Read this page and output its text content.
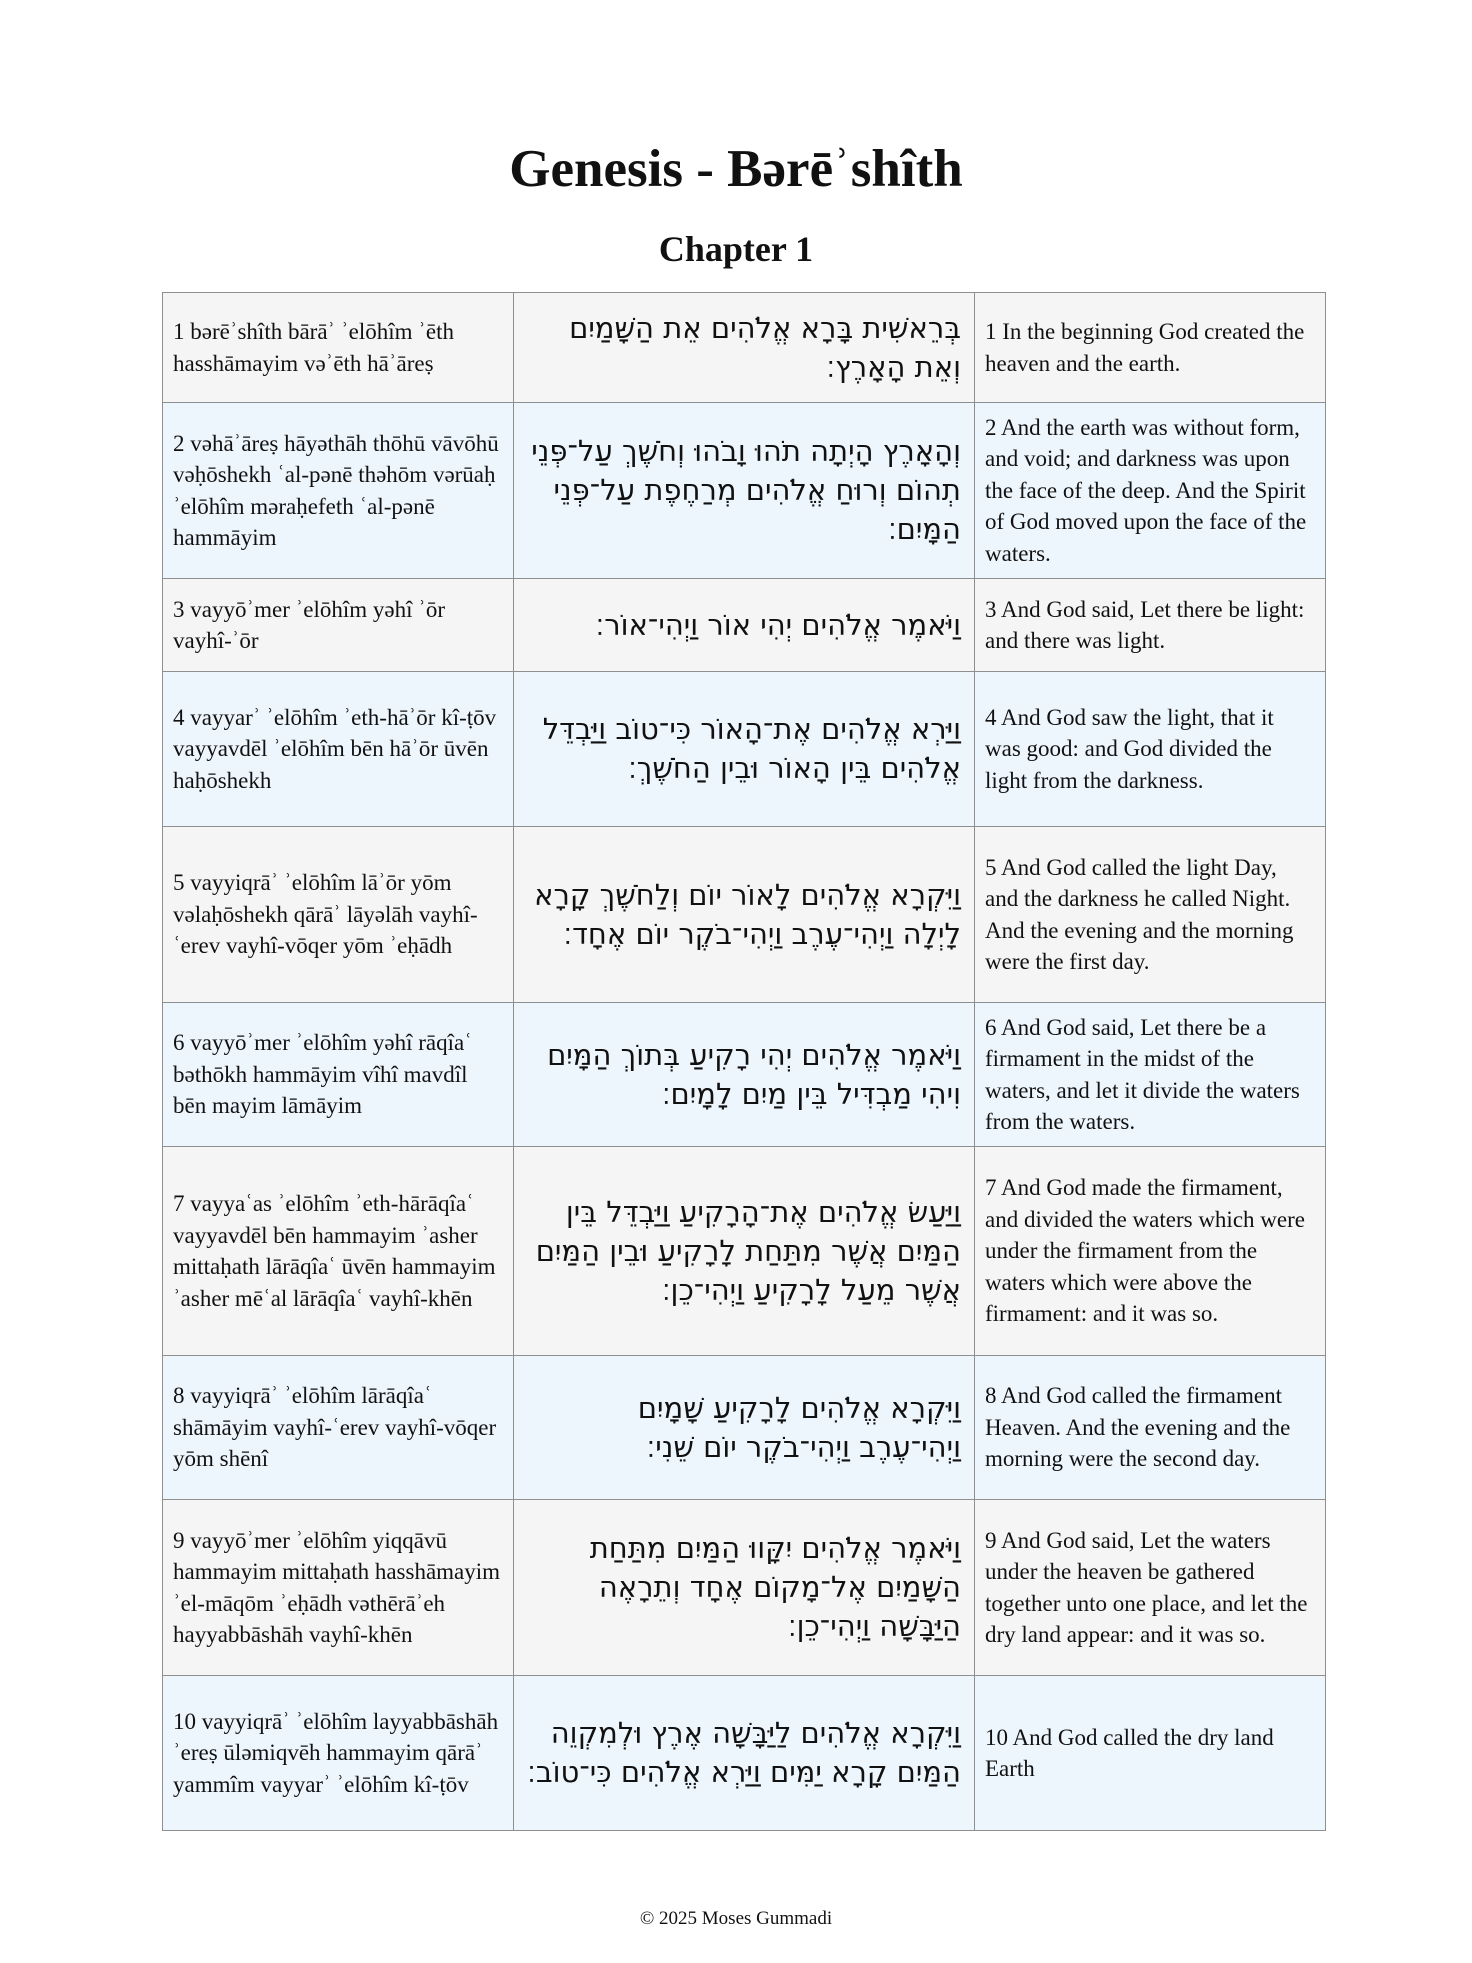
Genesis - Bərēʾshîth
Chapter 1
1 bərēʾshîth bārāʾ ʾelōhîm ʾēth hasshāmayim vəʾēth hāʾāreṣ	בְּרֵאשִׁית בָּרָא אֱלֹהִים אֵת הַשָּׁמַיִם וְאֵת הָאָרֶץ׃	1 In the beginning God created the heaven and the earth.
2 vəhāʾāreṣ hāyəthāh thōhū vāvōhū vəḥōshekh ʿal-pənē thəhōm vərūaḥ ʾelōhîm məraḥefeth ʿal-pənē hammāyim	וְהָאָרֶץ הָיְתָה תֹהוּ וָבֹהוּ וְחֹשֶׁךְ עַל־פְּנֵי תְהוֹם וְרוּחַ אֱלֹהִים מְרַחֶפֶת עַל־פְּנֵי הַמָּיִם׃	2 And the earth was without form, and void; and darkness was upon the face of the deep. And the Spirit of God moved upon the face of the waters.
3 vayyōʾmer ʾelōhîm yəhî ʾōr vayhî-ʾōr	וַיֹּאמֶר אֱלֹהִים יְהִי אוֹר וַיְהִי־אוֹר׃	3 And God said, Let there be light: and there was light.
4 vayyarʾ ʾelōhîm ʾeth-hāʾōr kî-ṭōv vayyavdēl ʾelōhîm bēn hāʾōr ūvēn haḥōshekh	וַיַּרְא אֱלֹהִים אֶת־הָאוֹר כִּי־טוֹב וַיַּבְדֵּל אֱלֹהִים בֵּין הָאוֹר וּבֵין הַחֹשֶׁךְ׃	4 And God saw the light, that it was good: and God divided the light from the darkness.
5 vayyiqrāʾ ʾelōhîm lāʾōr yōm vəlaḥōshekh qārāʾ lāyəlāh vayhî-ʿerev vayhî-vōqer yōm ʾeḥādh	וַיִּקְרָא אֱלֹהִים לָאוֹר יוֹם וְלַחֹשֶׁךְ קָרָא לָיְלָה וַיְהִי־עֶרֶב וַיְהִי־בֹקֶר יוֹם אֶחָד׃	5 And God called the light Day, and the darkness he called Night. And the evening and the morning were the first day.
6 vayyōʾmer ʾelōhîm yəhî rāqîaʿ bəthōkh hammāyim vîhî mavdîl bēn mayim lāmāyim	וַיֹּאמֶר אֱלֹהִים יְהִי רָקִיעַ בְּתוֹךְ הַמָּיִם וִיהִי מַבְדִּיל בֵּין מַיִם לָמָיִם׃	6 And God said, Let there be a firmament in the midst of the waters, and let it divide the waters from the waters.
7 vayyaʿas ʾelōhîm ʾeth-hārāqîaʿ vayyavdēl bēn hammayim ʾasher mittaḥath lārāqîaʿ ūvēn hammayim ʾasher mēʿal lārāqîaʿ vayhî-khēn	וַיַּעַשׂ אֱלֹהִים אֶת־הָרָקִיעַ וַיַּבְדֵּל בֵּין הַמַּיִם אֲשֶׁר מִתַּחַת לָרָקִיעַ וּבֵין הַמַּיִם אֲשֶׁר מֵעַל לָרָקִיעַ וַיְהִי־כֵן׃	7 And God made the firmament, and divided the waters which were under the firmament from the waters which were above the firmament: and it was so.
8 vayyiqrāʾ ʾelōhîm lārāqîaʿ shāmāyim vayhî-ʿerev vayhî-vōqer yōm shēnî	וַיִּקְרָא אֱלֹהִים לָרָקִיעַ שָׁמָיִם וַיְהִי־עֶרֶב וַיְהִי־בֹקֶר יוֹם שֵׁנִי׃	8 And God called the firmament Heaven. And the evening and the morning were the second day.
9 vayyōʾmer ʾelōhîm yiqqāvū hammayim mittaḥath hasshāmayim ʾel-māqōm ʾeḥādh vəthērāʾeh hayyabbāshāh vayhî-khēn	וַיֹּאמֶר אֱלֹהִים יִקָּווּ הַמַּיִם מִתַּחַת הַשָּׁמַיִם אֶל־מָקוֹם אֶחָד וְתֵרָאֶה הַיַּבָּשָׁה וַיְהִי־כֵן׃	9 And God said, Let the waters under the heaven be gathered together unto one place, and let the dry land appear: and it was so.
10 vayyiqrāʾ ʾelōhîm layyabbāshāh ʾereṣ ūləmiqvēh hammayim qārāʾ yammîm vayyarʾ ʾelōhîm kî-ṭōv	וַיִּקְרָא אֱלֹהִים לַיַּבָּשָׁה אֶרֶץ וּלְמִקְוֵה הַמַּיִם קָרָא יַמִּים וַיַּרְא אֱלֹהִים כִּי־טוֹב׃	10 And God called the dry land Earth
© 2025 Moses Gummadi
